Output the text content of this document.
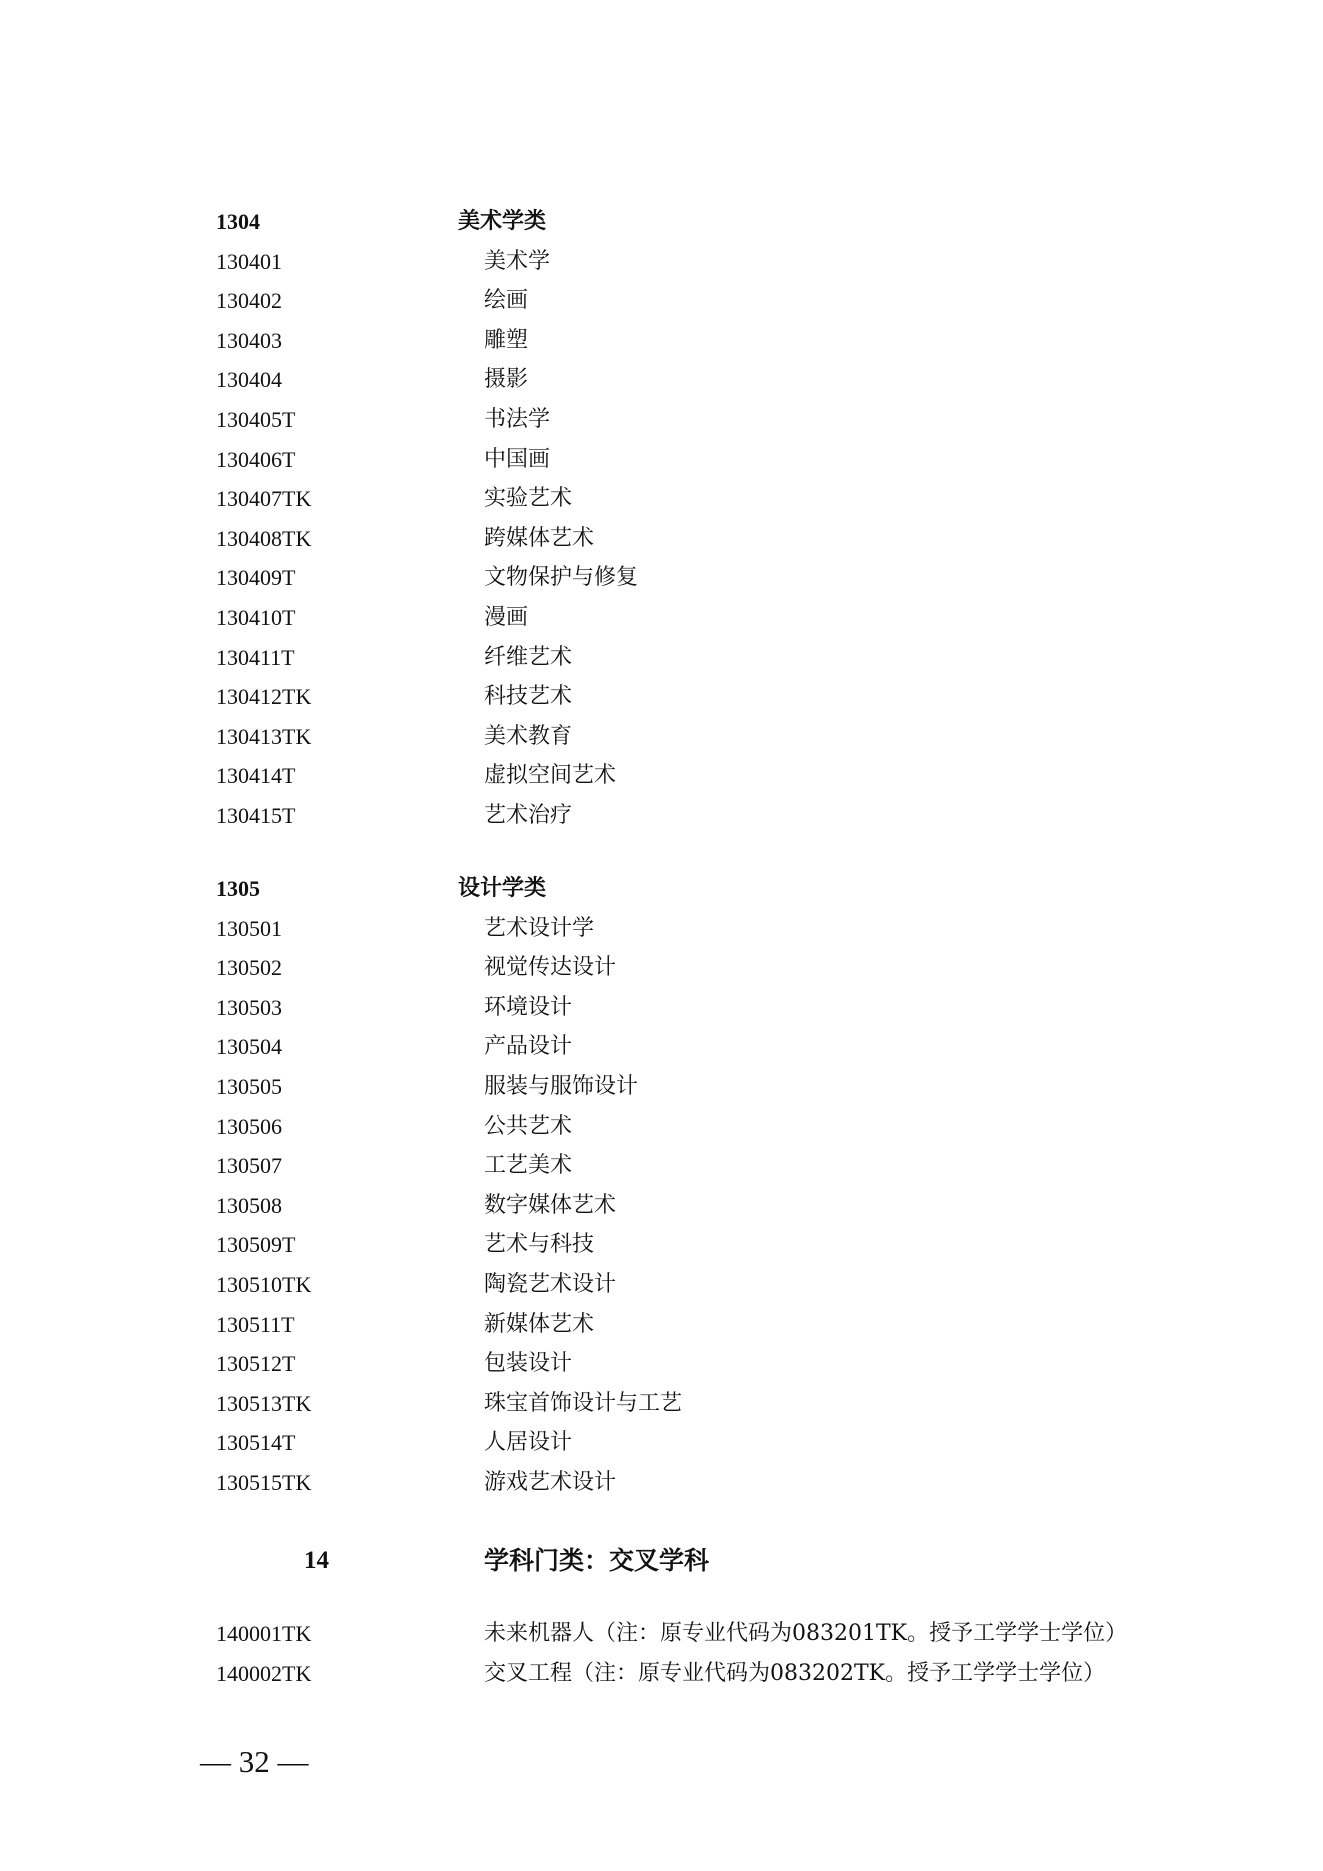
1304	美术学类
130401	美术学
130402	绘画
130403	雕塑
130404	摄影
130405T	书法学
130406T	中国画
130407TK	实验艺术
130408TK	跨媒体艺术
130409T	文物保护与修复
130410T	漫画
130411T	纤维艺术
130412TK	科技艺术
130413TK	美术教育
130414T	虚拟空间艺术
130415T	艺术治疗
1305	设计学类
130501	艺术设计学
130502	视觉传达设计
130503	环境设计
130504	产品设计
130505	服装与服饰设计
130506	公共艺术
130507	工艺美术
130508	数字媒体艺术
130509T	艺术与科技
130510TK	陶瓷艺术设计
130511T	新媒体艺术
130512T	包装设计
130513TK	珠宝首饰设计与工艺
130514T	人居设计
130515TK	游戏艺术设计
14	学科门类：交叉学科
140001TK	未来机器人（注：原专业代码为083201TK。授予工学学士学位）
140002TK	交叉工程（注：原专业代码为083202TK。授予工学学士学位）
— 32 —
